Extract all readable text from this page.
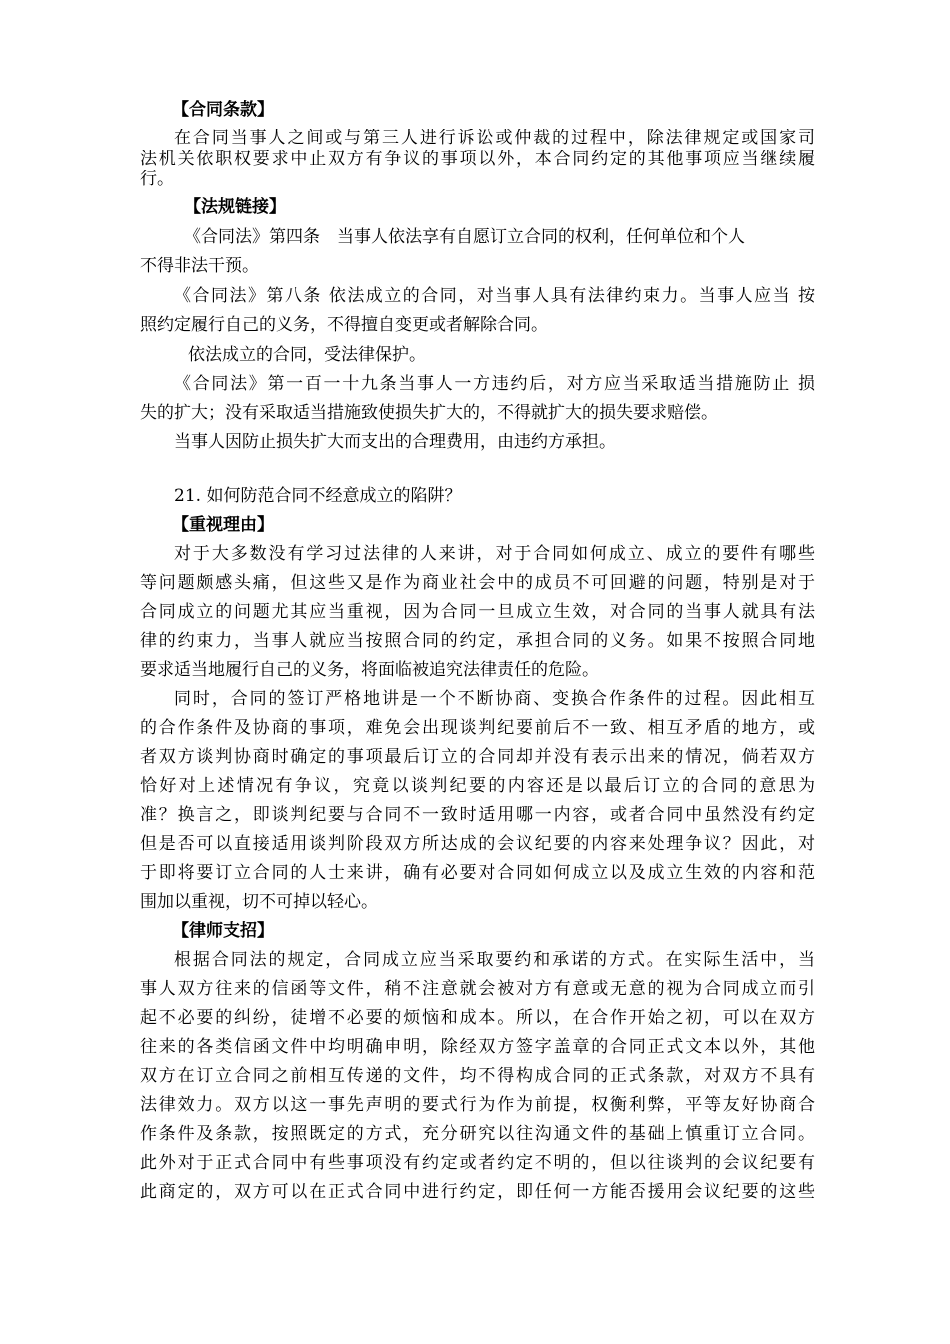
【合同条款】
在合同当事人之间或与第三人进行诉讼或仲裁的过程中，除法律规定或国家司
法机关依职权要求中止双方有争议的事项以外，本合同约定的其他事项应当继续履
行。
【法规链接】
《合同法》第四条　当事人依法享有自愿订立合同的权利，任何单位和个人
不得非法干预。
《合同法》第八条 依法成立的合同，对当事人具有法律约束力。当事人应当 按
照约定履行自己的义务，不得擅自变更或者解除合同。
依法成立的合同，受法律保护。
《合同法》第一百一十九条当事人一方违约后，对方应当采取适当措施防止 损
失的扩大；没有采取适当措施致使损失扩大的，不得就扩大的损失要求赔偿。
当事人因防止损失扩大而支出的合理费用，由违约方承担。
21. 如何防范合同不经意成立的陷阱？
【重视理由】
对于大多数没有学习过法律的人来讲，对于合同如何成立、成立的要件有哪些
等问题颇感头痛，但这些又是作为商业社会中的成员不可回避的问题，特别是对于
合同成立的问题尤其应当重视，因为合同一旦成立生效，对合同的当事人就具有法
律的约束力，当事人就应当按照合同的约定，承担合同的义务。如果不按照合同地
要求适当地履行自己的义务，将面临被追究法律责任的危险。
同时，合同的签订严格地讲是一个不断协商、变换合作条件的过程。因此相互
的合作条件及协商的事项，难免会出现谈判纪要前后不一致、相互矛盾的地方，或
者双方谈判协商时确定的事项最后订立的合同却并没有表示出来的情况，倘若双方
恰好对上述情况有争议，究竟以谈判纪要的内容还是以最后订立的合同的意思为
准？换言之，即谈判纪要与合同不一致时适用哪一内容，或者合同中虽然没有约定
但是否可以直接适用谈判阶段双方所达成的会议纪要的内容来处理争议？因此，对
于即将要订立合同的人士来讲，确有必要对合同如何成立以及成立生效的内容和范
围加以重视，切不可掉以轻心。
【律师支招】
根据合同法的规定，合同成立应当采取要约和承诺的方式。在实际生活中，当
事人双方往来的信函等文件，稍不注意就会被对方有意或无意的视为合同成立而引
起不必要的纠纷，徒增不必要的烦恼和成本。所以，在合作开始之初，可以在双方
往来的各类信函文件中均明确申明，除经双方签字盖章的合同正式文本以外，其他
双方在订立合同之前相互传递的文件，均不得构成合同的正式条款，对双方不具有
法律效力。双方以这一事先声明的要式行为作为前提，权衡利弊，平等友好协商合
作条件及条款，按照既定的方式，充分研究以往沟通文件的基础上慎重订立合同。
此外对于正式合同中有些事项没有约定或者约定不明的，但以往谈判的会议纪要有
此商定的，双方可以在正式合同中进行约定，即任何一方能否援用会议纪要的这些
